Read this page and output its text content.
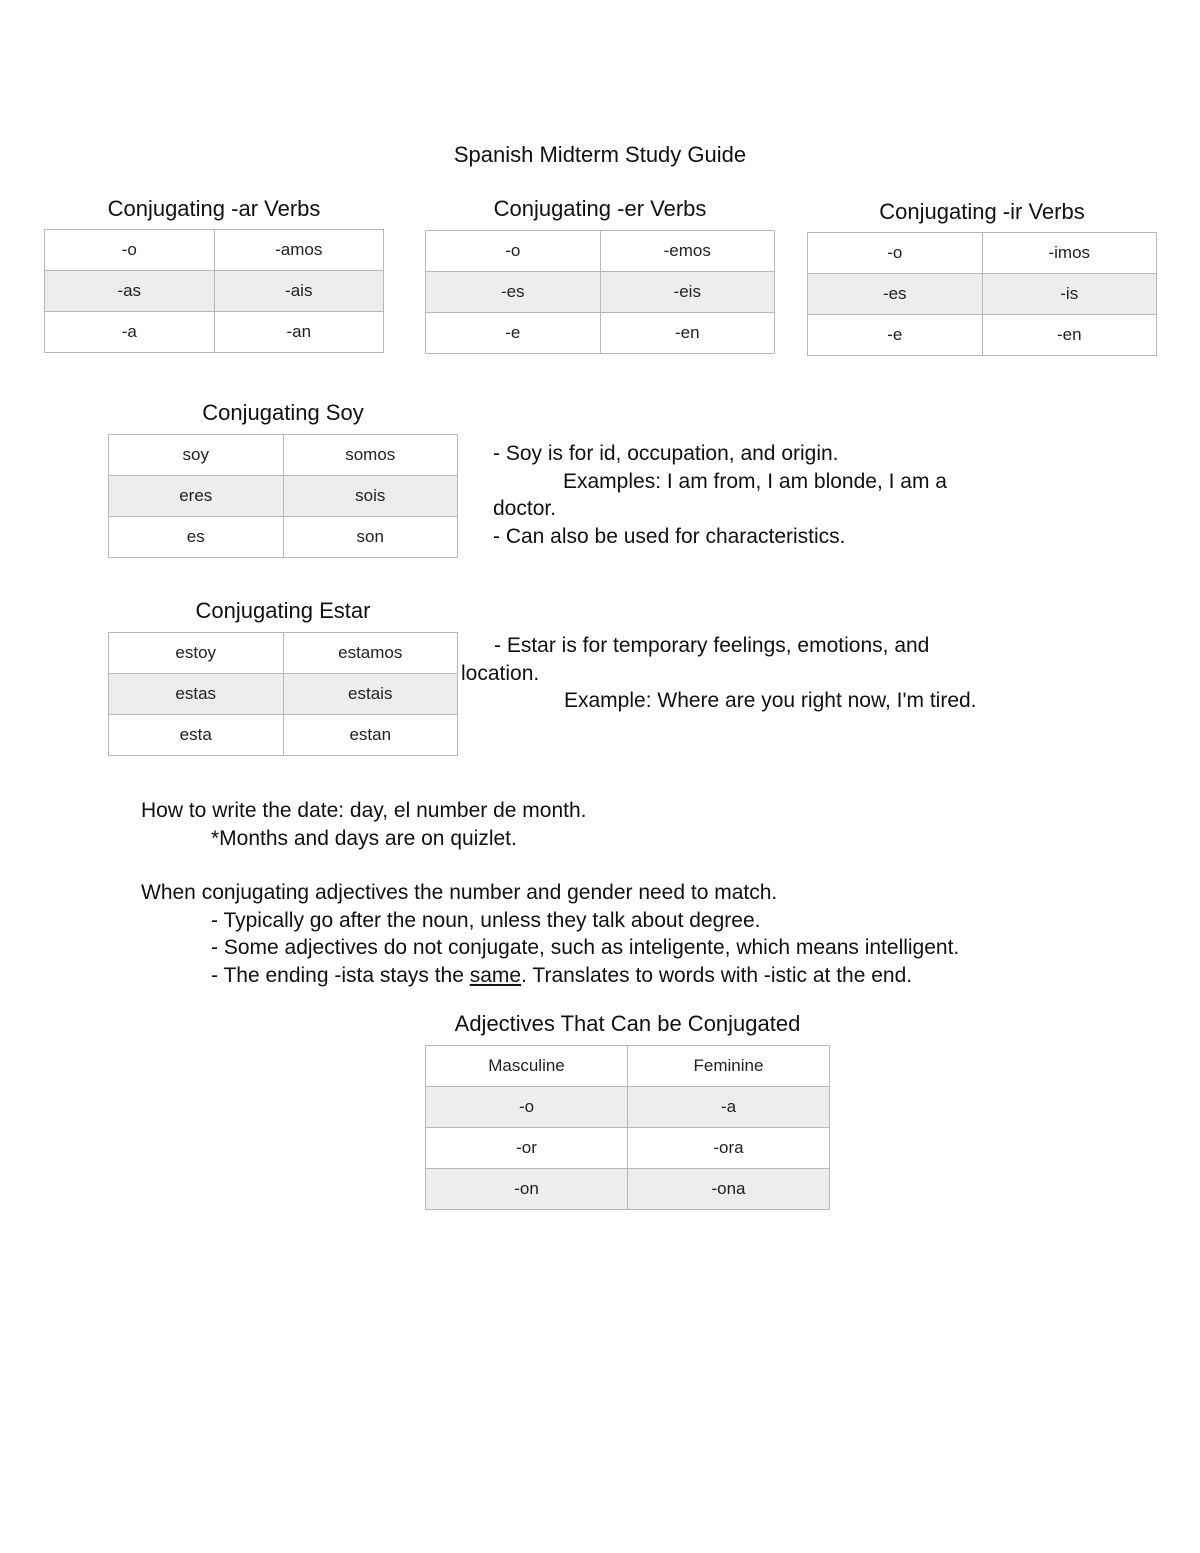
Spanish Midterm Study Guide
Conjugating -ar Verbs
-o	-amos
-as	-ais
-a	-an
Conjugating -er Verbs
-o	-emos
-es	-eis
-e	-en
Conjugating -ir Verbs
-o	-imos
-es	-is
-e	-en
Conjugating Soy
soy	somos
eres	sois
es	son
- Soy is for id, occupation, and origin.
Examples: I am from, I am blonde, I am a
doctor.
- Can also be used for characteristics.
Conjugating Estar
estoy	estamos
estas	estais
esta	estan
- Estar is for temporary feelings, emotions, and
location.
Example: Where are you right now, I'm tired.
How to write the date: day, el number de month.
*Months and days are on quizlet.
When conjugating adjectives the number and gender need to match.
- Typically go after the noun, unless they talk about degree.
- Some adjectives do not conjugate, such as inteligente, which means intelligent.
- The ending -ista stays the same. Translates to words with -istic at the end.
Adjectives That Can be Conjugated
Masculine	Feminine
-o	-a
-or	-ora
-on	-ona
